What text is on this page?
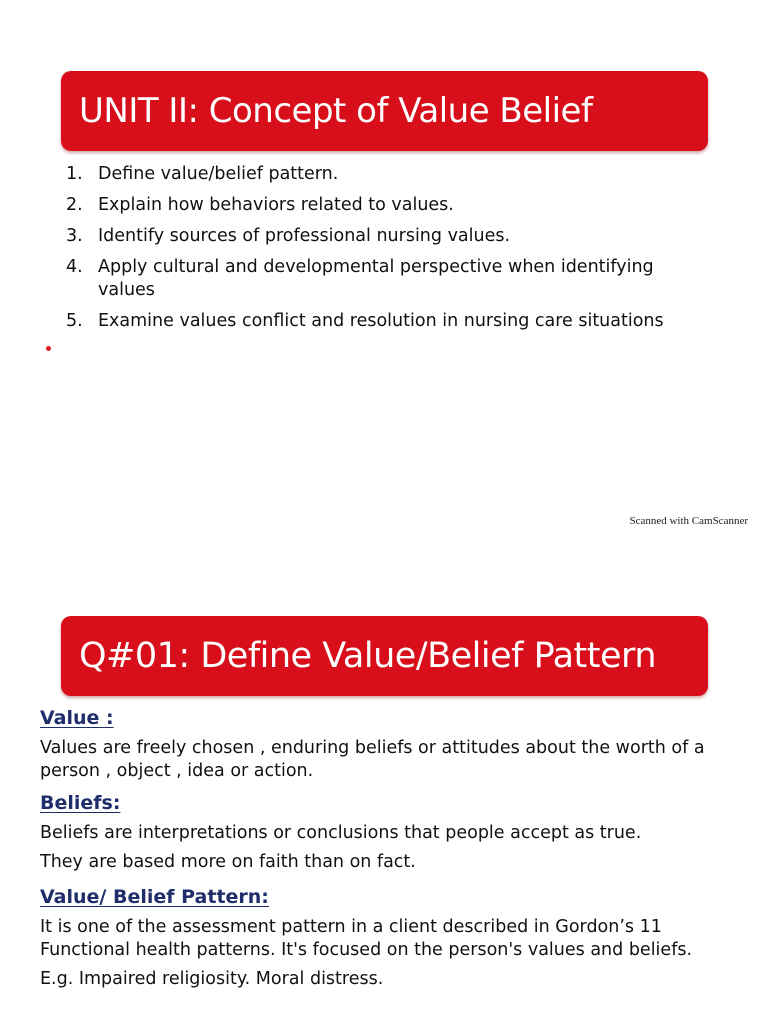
UNIT II: Concept of Value Belief
1. Define value/belief pattern.
2. Explain how behaviors related to values.
3. Identify sources of professional nursing values.
4. Apply cultural and developmental perspective when identifying values
5. Examine values conflict and resolution in nursing care situations
Scanned with CamScanner
Q#01: Define Value/Belief Pattern
Value :

Values are freely chosen , enduring beliefs or attitudes about the worth of a person , object , idea or action.

Beliefs:

Beliefs are interpretations or conclusions that people accept as true.

They are based more on faith than on fact.

Value/ Belief Pattern:

It is one of the assessment pattern in a client described in Gordon’s 11 Functional health patterns. It's focused on the person's values and beliefs.

E.g. Impaired religiosity. Moral distress.
